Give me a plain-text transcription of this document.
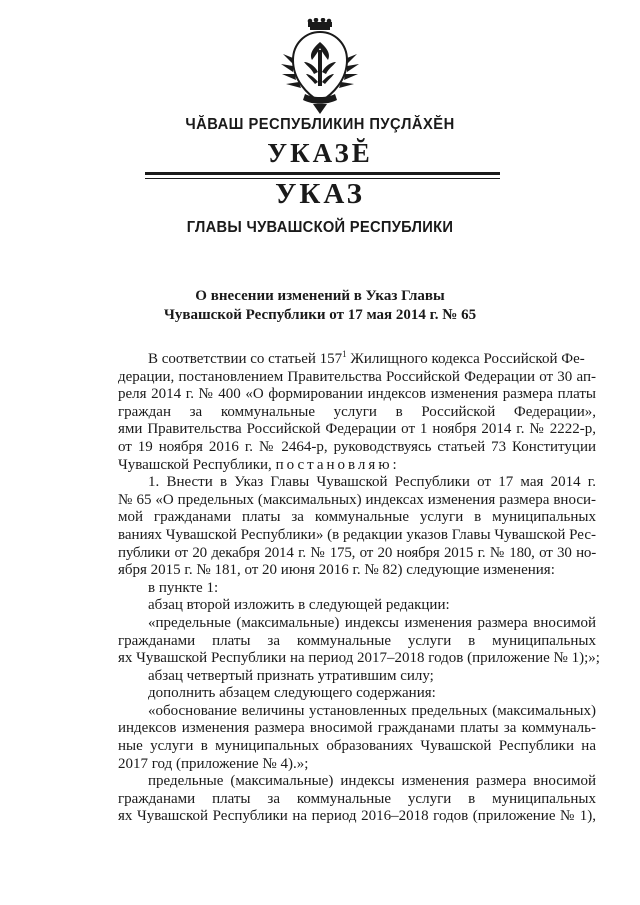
ЧĂВАШ РЕСПУБЛИКИН ПУÇЛĂХĔН
УКАЗĔ
УКАЗ
ГЛАВЫ ЧУВАШСКОЙ РЕСПУБЛИКИ
О внесении изменений в Указ Главы
Чувашской Республики от 17 мая 2014 г. № 65
В соответствии со статьей $157^1$ Жилищного кодекса Российской Фе-
дерации, постановлением Правительства Российской Федерации от 30 ап-
реля 2014 г. № 400 «О формировании индексов изменения размера платы
граждан за коммунальные услуги в Российской Федерации»,
ями Правительства Российской Федерации от 1 ноября 2014 г. № 2222-р,
от 19 ноября 2016 г. № 2464-р, руководствуясь статьей 73 Конституции
Чувашской Республики, постановляю:
1. Внести в Указ Главы Чувашской Республики от 17 мая 2014 г.
№ 65 «О предельных (максимальных) индексах изменения размера вноси-
мой гражданами платы за коммунальные услуги в муниципальных
ваниях Чувашской Республики» (в редакции указов Главы Чувашской Рес-
публики от 20 декабря 2014 г. № 175, от 20 ноября 2015 г. № 180, от 30 но-
ября 2015 г. № 181, от 20 июня 2016 г. № 82) следующие изменения:
в пункте 1:
абзац второй изложить в следующей редакции:
«предельные (максимальные) индексы изменения размера вносимой
гражданами платы за коммунальные услуги в муниципальных
ях Чувашской Республики на период 2017–2018 годов (приложение № 1);»;
абзац четвертый признать утратившим силу;
дополнить абзацем следующего содержания:
«обоснование величины установленных предельных (максимальных)
индексов изменения размера вносимой гражданами платы за коммуналь-
ные услуги в муниципальных образованиях Чувашской Республики на
2017 год (приложение № 4).»;
предельные (максимальные) индексы изменения размера вносимой
гражданами платы за коммунальные услуги в муниципальных
ях Чувашской Республики на период 2016–2018 годов (приложение № 1),
